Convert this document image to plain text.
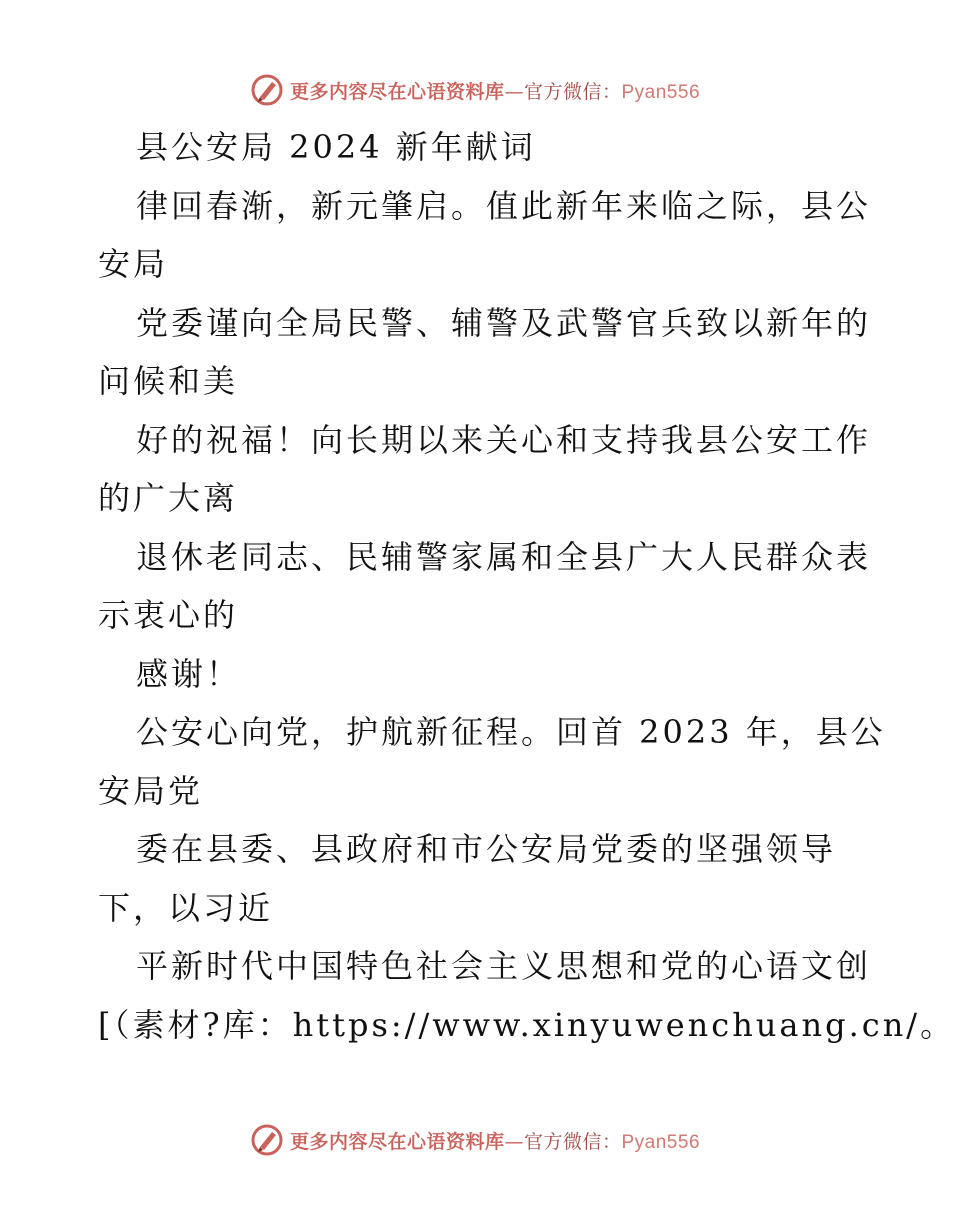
更多内容尽在心语资料库—官方微信：Pyan556
县公安局 2024 新年献词
律回春渐，新元肇启。值此新年来临之际，县公
安局
党委谨向全局民警、辅警及武警官兵致以新年的
问候和美
好的祝福！向长期以来关心和支持我县公安工作
的广大离
退休老同志、民辅警家属和全县广大人民群众表
示衷心的
感谢！
公安心向党，护航新征程。回首 2023 年，县公
安局党
委在县委、县政府和市公安局党委的坚强领导
下，以习近
平新时代中国特色社会主义思想和党的心语文创
[（素材?库：https://www.xinyuwenchuang.cn/。
更多内容尽在心语资料库—官方微信：Pyan556
